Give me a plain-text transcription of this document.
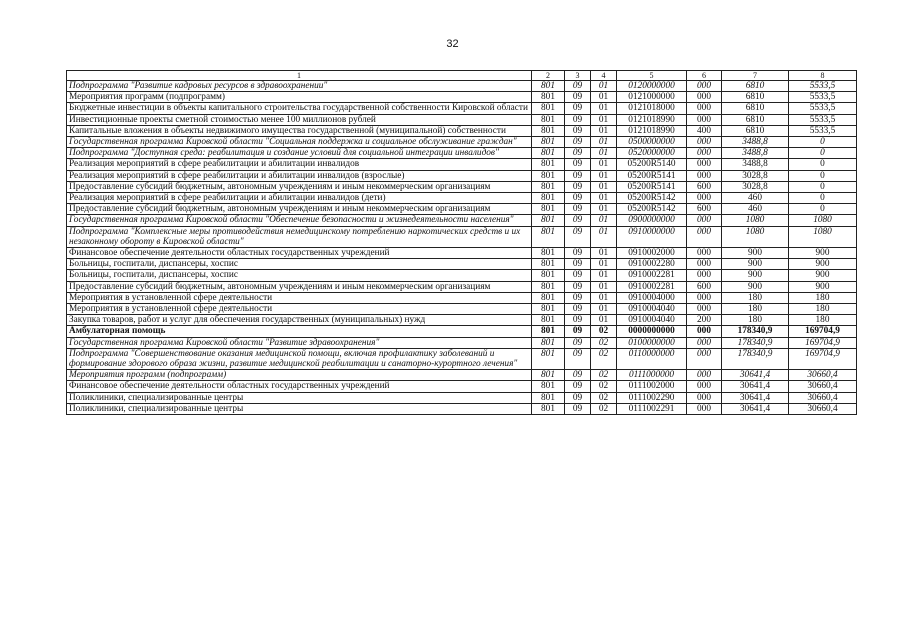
32
1	2	3	4	5	6	7	8
Подпрограмма "Развитие кадровых ресурсов в здравоохранении"	801	09	01	0120000000	000	6810	5533,5
Мероприятия программ (подпрограмм)	801	09	01	0121000000	000	6810	5533,5
Бюджетные инвестиции в объекты капитального строительства государственной собственности Кировской области	801	09	01	0121018000	000	6810	5533,5
Инвестиционные проекты сметной стоимостью менее 100 миллионов рублей	801	09	01	0121018990	000	6810	5533,5
Капитальные вложения в объекты недвижимого имущества государственной (муниципальной) собственности	801	09	01	0121018990	400	6810	5533,5
Государственная программа Кировской области "Социальная поддержка и социальное обслуживание граждан"	801	09	01	0500000000	000	3488,8	0
Подпрограмма "Доступная среда: реабилитация и создание условий для социальной интеграции инвалидов"	801	09	01	0520000000	000	3488,8	0
Реализация мероприятий в сфере реабилитации и абилитации инвалидов	801	09	01	05200R5140	000	3488,8	0
Реализация мероприятий в сфере реабилитации и абилитации инвалидов (взрослые)	801	09	01	05200R5141	000	3028,8	0
Предоставление субсидий бюджетным, автономным учреждениям и иным некоммерческим организациям	801	09	01	05200R5141	600	3028,8	0
Реализация мероприятий в сфере реабилитации и абилитации инвалидов (дети)	801	09	01	05200R5142	000	460	0
Предоставление субсидий бюджетным, автономным учреждениям и иным некоммерческим организациям	801	09	01	05200R5142	600	460	0
Государственная программа Кировской области "Обеспечение безопасности и жизнедеятельности населения"	801	09	01	0900000000	000	1080	1080
Подпрограмма "Комплексные меры противодействия немедицинскому потреблению наркотических средств и их незаконному обороту в Кировской области"	801	09	01	0910000000	000	1080	1080
Финансовое обеспечение деятельности областных государственных учреждений	801	09	01	0910002000	000	900	900
Больницы, госпитали, диспансеры, хоспис	801	09	01	0910002280	000	900	900
Больницы, госпитали, диспансеры, хоспис	801	09	01	0910002281	000	900	900
Предоставление субсидий бюджетным, автономным учреждениям и иным некоммерческим организациям	801	09	01	0910002281	600	900	900
Мероприятия в установленной сфере деятельности	801	09	01	0910004000	000	180	180
Мероприятия в установленной сфере деятельности	801	09	01	0910004040	000	180	180
Закупка товаров, работ и услуг для обеспечения государственных (муниципальных) нужд	801	09	01	0910004040	200	180	180
Амбулаторная помощь	801	09	02	0000000000	000	178340,9	169704,9
Государственная программа Кировской области "Развитие здравоохранения"	801	09	02	0100000000	000	178340,9	169704,9
Подпрограмма "Совершенствование оказания медицинской помощи, включая профилактику заболеваний и формирование здорового образа жизни, развитие медицинской реабилитации и санаторно-курортного лечения"	801	09	02	0110000000	000	178340,9	169704,9
Мероприятия программ (подпрограмм)	801	09	02	0111000000	000	30641,4	30660,4
Финансовое обеспечение деятельности областных государственных учреждений	801	09	02	0111002000	000	30641,4	30660,4
Поликлиники, специализированные центры	801	09	02	0111002290	000	30641,4	30660,4
Поликлиники, специализированные центры	801	09	02	0111002291	000	30641,4	30660,4
